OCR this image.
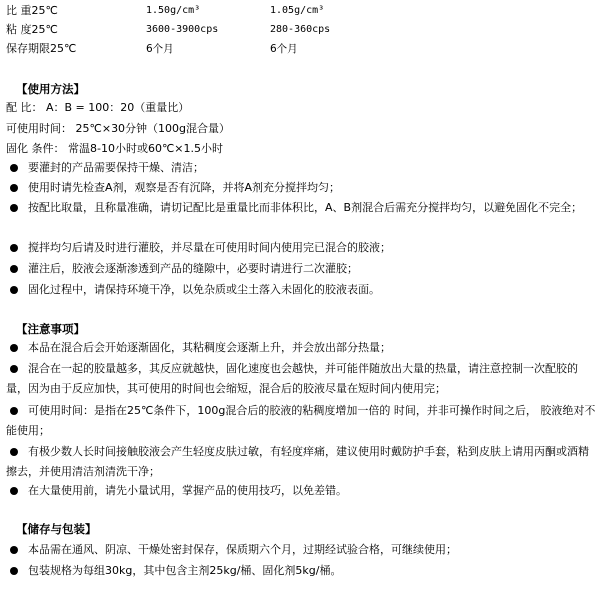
比 重25℃	1.50g/cm³	1.05g/cm³
粘 度25℃	3600-3900cps	280-360cps
保存期限25℃	6个月	6个月
【使用方法】
配 比： A：B = 100：20（重量比）
可使用时间： 25℃×30分钟（100g混合量）
固化 条件： 常温8-10小时或60℃×1.5小时
要灌封的产品需要保持干燥、清洁；
使用时请先检查A剂，观察是否有沉降，并将A剂充分搅拌均匀；
按配比取量，且称量准确，请切记配比是重量比而非体积比，A、B剂混合后需充分搅拌均匀，以避免固化不完全；
搅拌均匀后请及时进行灌胶，并尽量在可使用时间内使用完已混合的胶液；
灌注后，胶液会逐渐渗透到产品的缝隙中，必要时请进行二次灌胶；
固化过程中，请保持环境干净，以免杂质或尘土落入未固化的胶液表面。
【注意事项】
本品在混合后会开始逐渐固化，其粘稠度会逐渐上升，并会放出部分热量；
混合在一起的胶量越多，其反应就越快，固化速度也会越快，并可能伴随放出大量的热量，请注意控制一次配胶的量，因为由于反应加快，其可使用的时间也会缩短，混合后的胶液尽量在短时间内使用完；
可使用时间：是指在25℃条件下，100g混合后的胶液的粘稠度增加一倍的 时间，并非可操作时间之后， 胶液绝对不能使用；
有极少数人长时间接触胶液会产生轻度皮肤过敏，有轻度痒痛，建议使用时戴防护手套，粘到皮肤上请用丙酮或酒精擦去，并使用清洁剂清洗干净；
在大量使用前，请先小量试用，掌握产品的使用技巧，以免差错。
【储存与包装】
本品需在通风、阴凉、干燥处密封保存，保质期六个月，过期经试验合格，可继续使用；
包装规格为每组30kg，其中包含主剂25kg/桶、固化剂5kg/桶。
